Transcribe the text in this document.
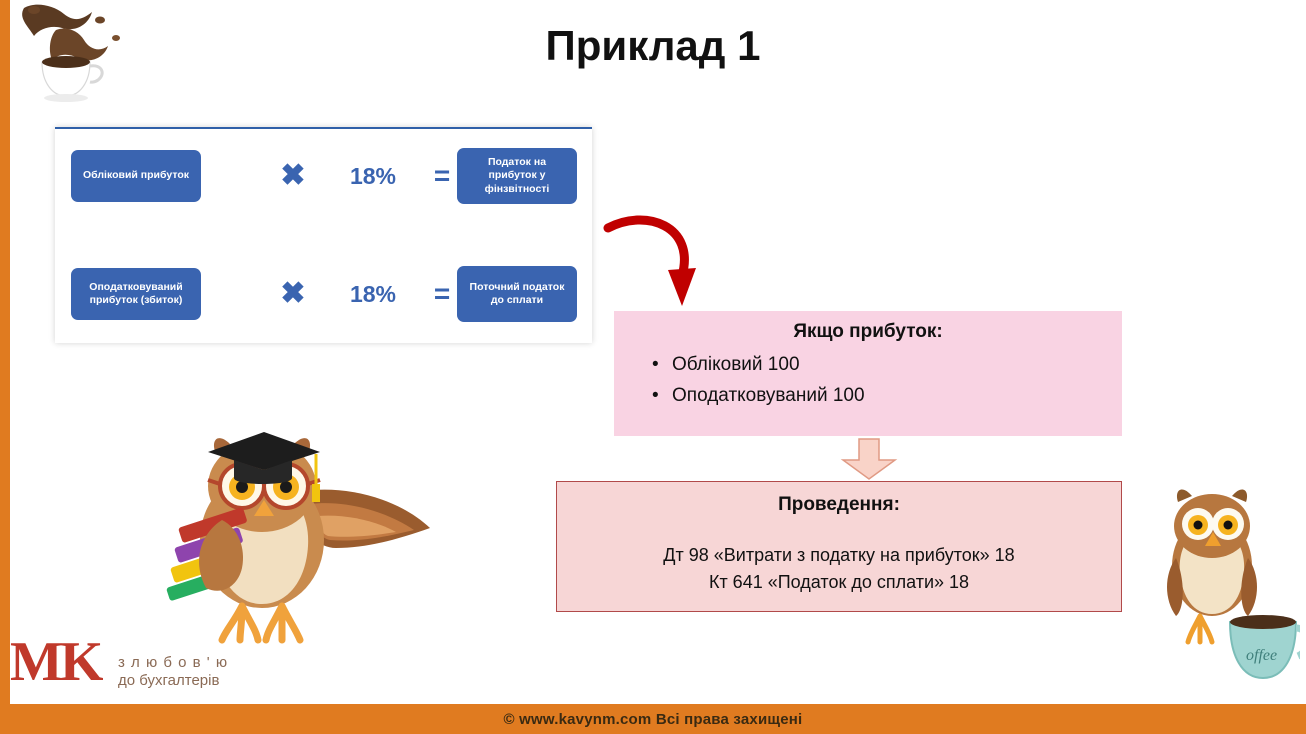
Приклад 1
Обліковий прибуток	✖	18%	=	Податок на прибуток у фінзвітності
Оподатковуваний прибуток (збиток)	✖	18%	=	Поточний податок до сплати
Якщо прибуток:
• Обліковий 100
• Оподатковуваний 100
Проведення:
Дт 98 «Витрати з податку на прибуток» 18
Кт 641 «Податок до сплати» 18
offee
MK з л ю б о в ' ю
до бухгалтерів
© www.kavynm.com Всі права захищені
